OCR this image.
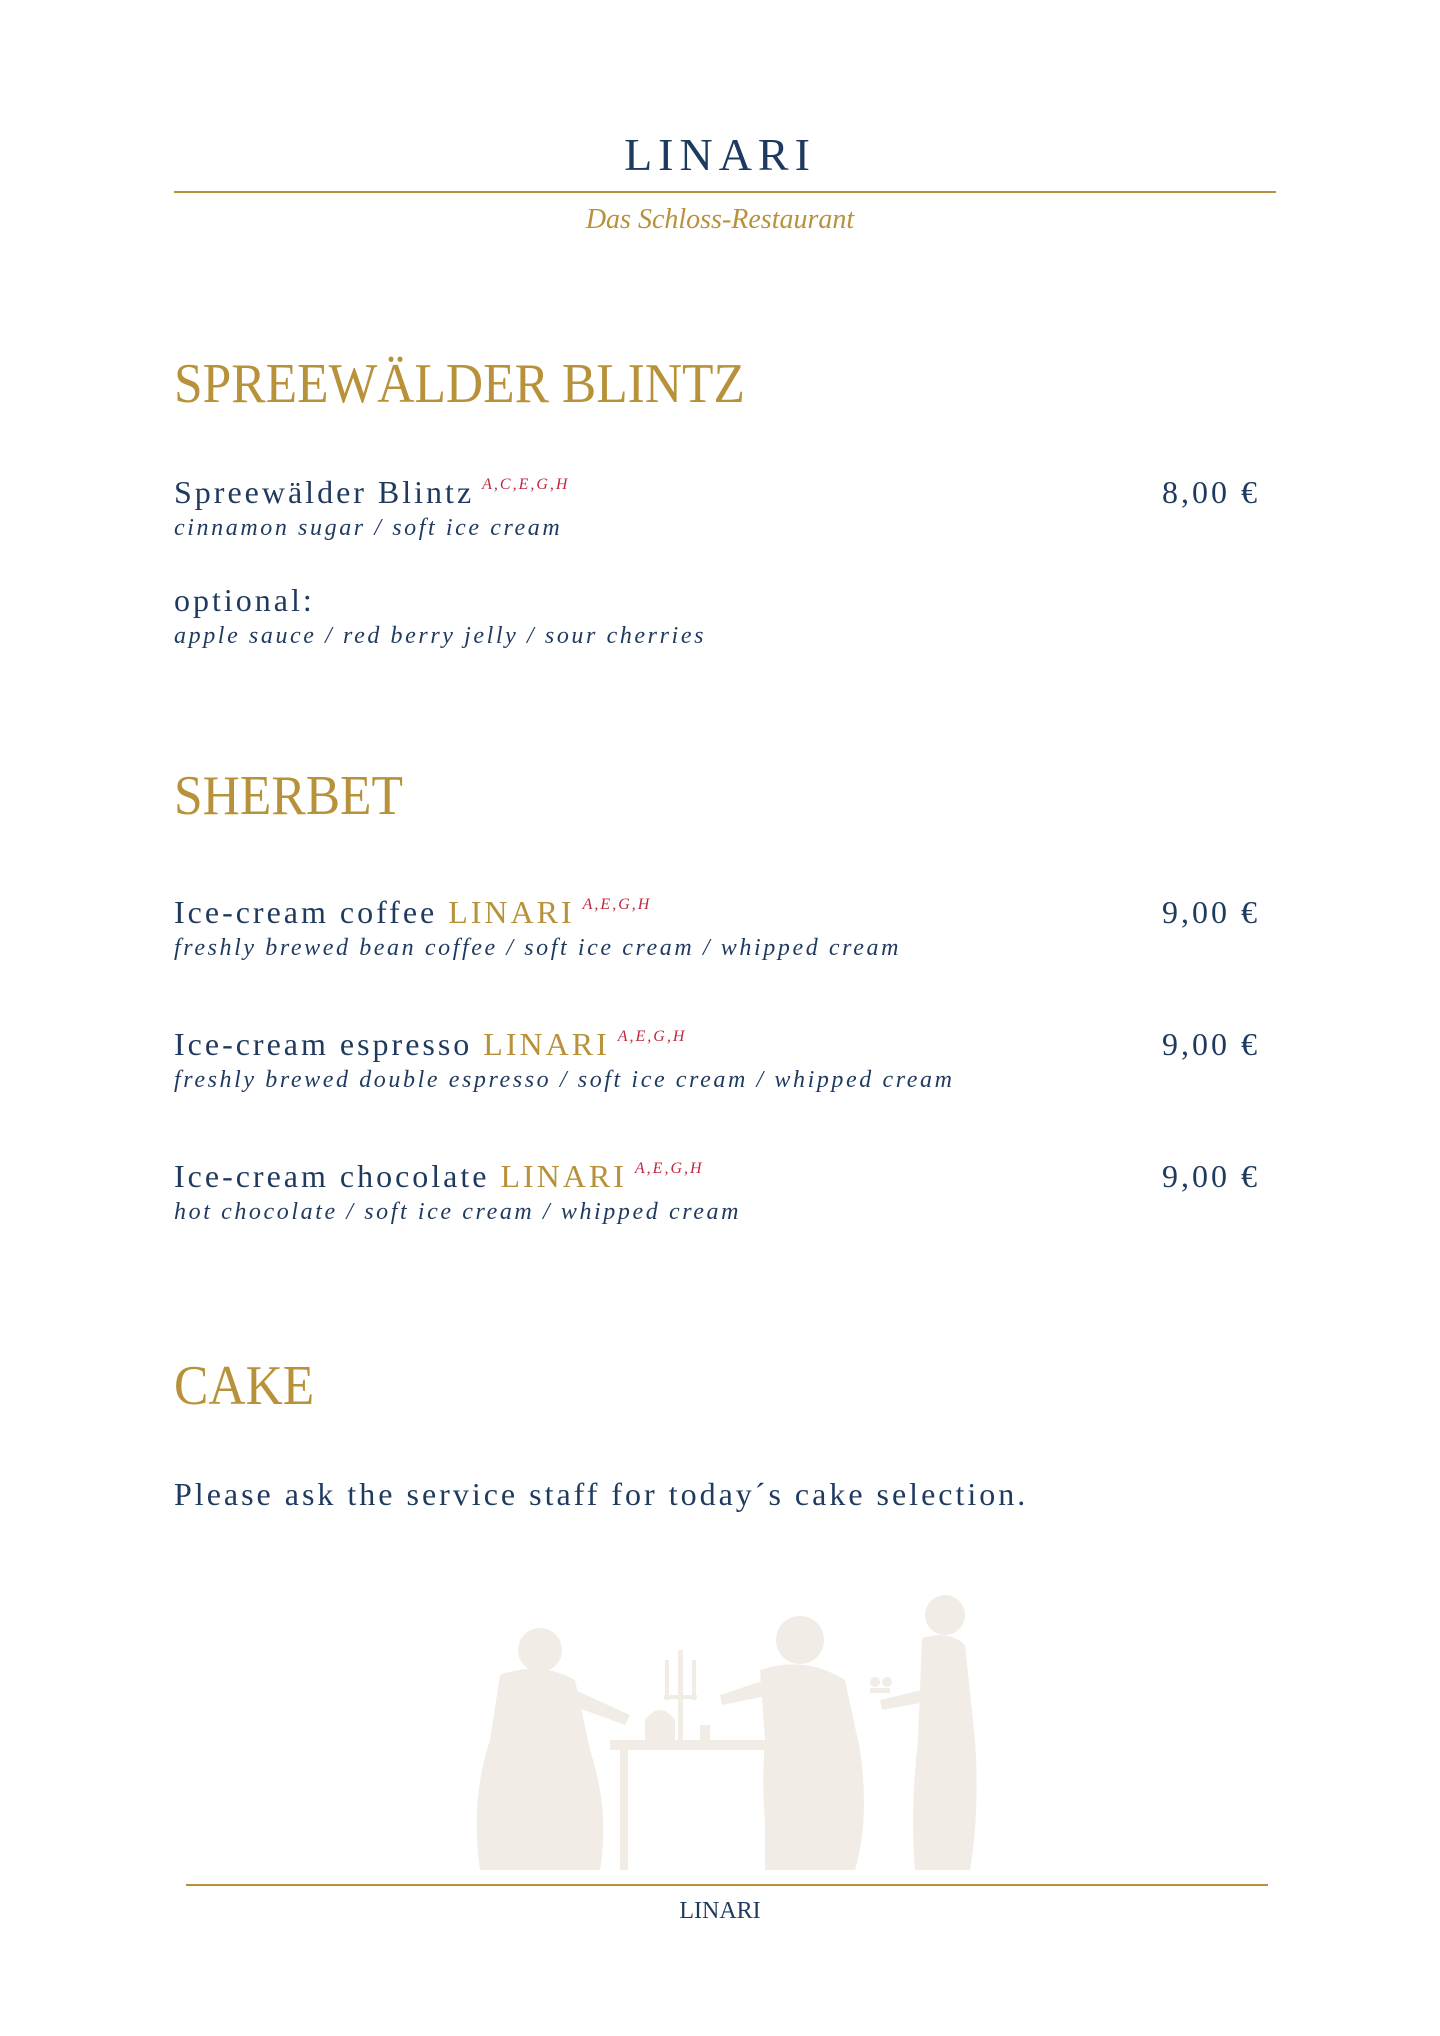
LINARI
Das Schloss-Restaurant
SPREEWÄLDER BLINTZ
Spreewälder Blintz $^{A,C,E,G,H}$	8,00 €
cinnamon sugar / soft ice cream
optional:
apple sauce / red berry jelly / sour cherries
SHERBET
Ice-cream coffee LINARI $^{A,E,G,H}$	9,00 €
freshly brewed bean coffee / soft ice cream / whipped cream
Ice-cream espresso LINARI $^{A,E,G,H}$	9,00 €
freshly brewed double espresso / soft ice cream / whipped cream
Ice-cream chocolate LINARI $^{A,E,G,H}$	9,00 €
hot chocolate / soft ice cream / whipped cream
CAKE
Please ask the service staff for today´s cake selection.
LINARI
